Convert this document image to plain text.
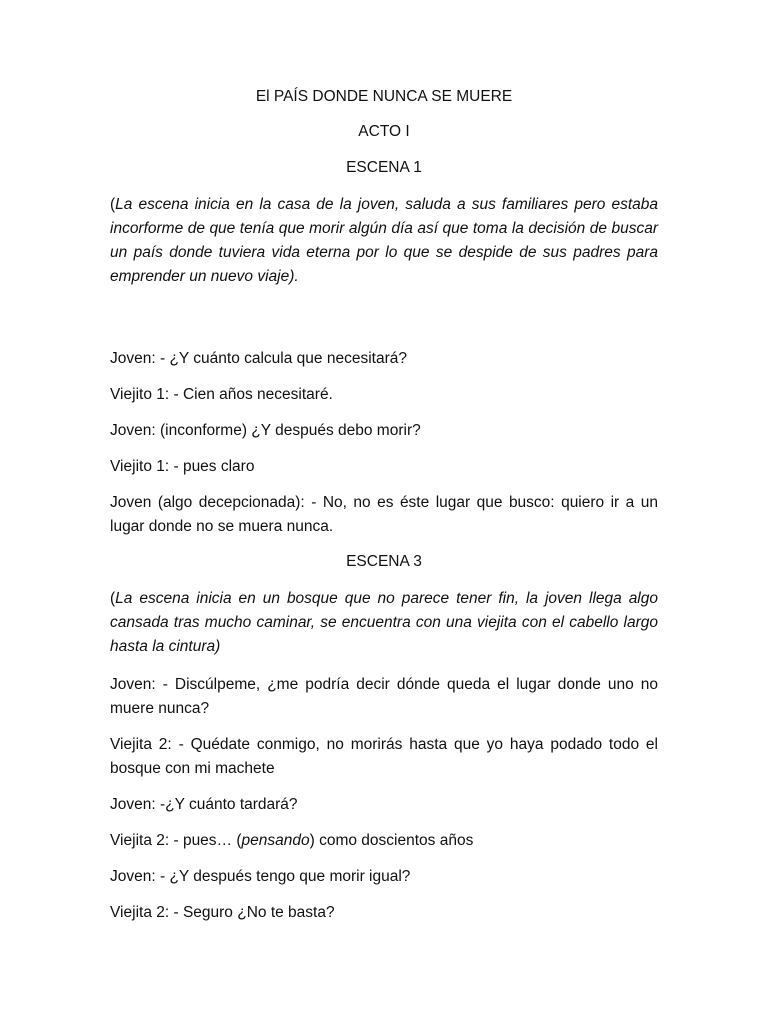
El PAÍS DONDE NUNCA SE MUERE
ACTO I
ESCENA 1

(La escena inicia en la casa de la joven, saluda a sus familiares pero estaba incorforme de que tenía que morir algún día así que toma la decisión de buscar un país donde tuviera vida eterna por lo que se despide de sus padres para emprender un nuevo viaje).

Joven: - ¿Y cuánto calcula que necesitará?

Viejito 1: - Cien años necesitaré.

Joven: (inconforme) ¿Y después debo morir?

Viejito 1: - pues claro

Joven (algo decepcionada): - No, no es éste lugar que busco: quiero ir a un lugar donde no se muera nunca.

ESCENA 3

(La escena inicia en un bosque que no parece tener fin, la joven llega algo cansada tras mucho caminar, se encuentra con una viejita con el cabello largo hasta la cintura)

Joven: - Discúlpeme, ¿me podría decir dónde queda el lugar donde uno no muere nunca?

Viejita 2: - Quédate conmigo, no morirás hasta que yo haya podado todo el bosque con mi machete

Joven: -¿Y cuánto tardará?

Viejita 2: - pues… (pensando) como doscientos años

Joven: - ¿Y después tengo que morir igual?

Viejita 2: - Seguro ¿No te basta?
